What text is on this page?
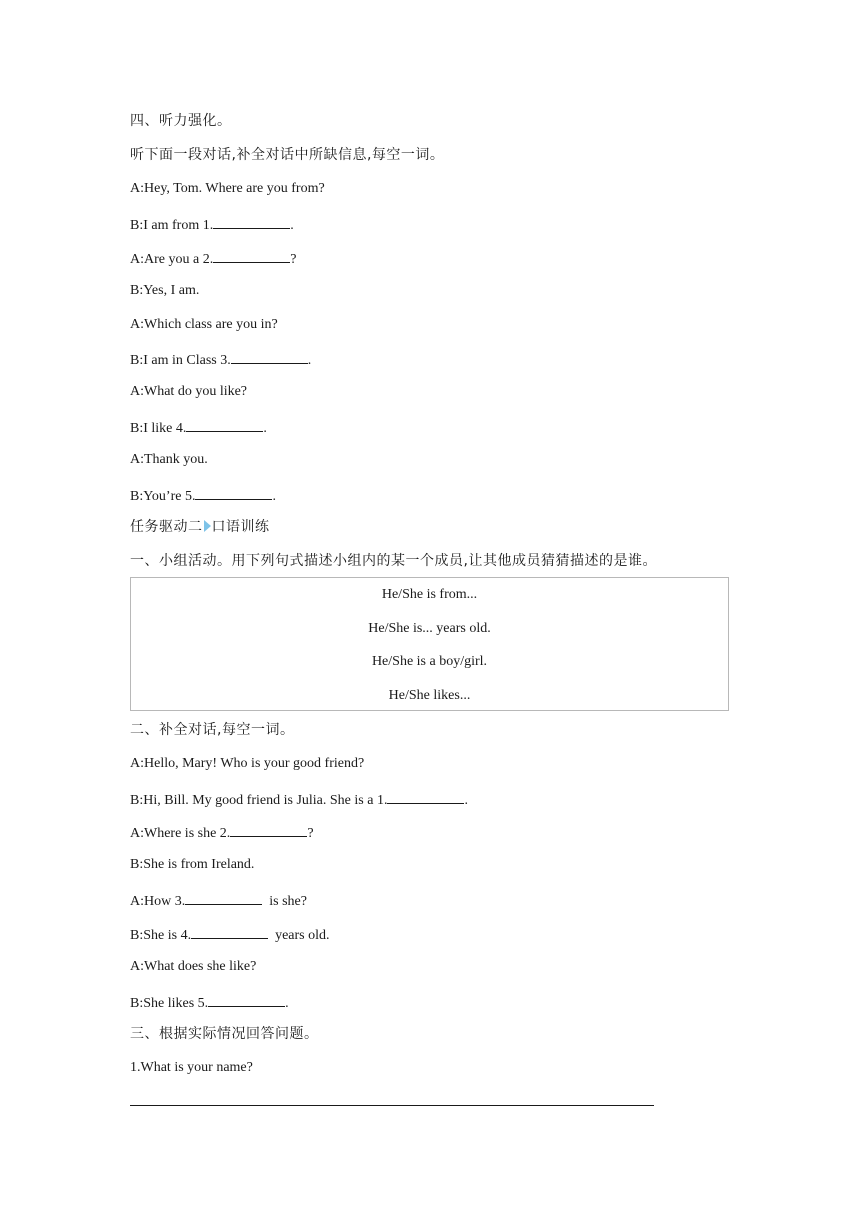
四、听力强化。
听下面一段对话,补全对话中所缺信息,每空一词。
A:Hey, Tom. Where are you from?
B:I am from 1.	.
A:Are you a 2.	?
B:Yes, I am.
A:Which class are you in?
B:I am in Class 3.	.
A:What do you like?
B:I like 4.	.
A:Thank you.
B:You’re 5.	.
任务驱动二 口语训练
一、小组活动。用下列句式描述小组内的某一个成员,让其他成员猜猜描述的是谁。
He/She is from...
He/She is... years old.
He/She is a boy/girl.
He/She likes...
二、补全对话,每空一词。
A:Hello, Mary! Who is your good friend?
B:Hi, Bill. My good friend is Julia. She is a 1.	.
A:Where is she 2.	?
B:She is from Ireland.
A:How 3.	is she?
B:She is 4.	years old.
A:What does she like?
B:She likes 5.	.
三、根据实际情况回答问题。
1.What is your name?
